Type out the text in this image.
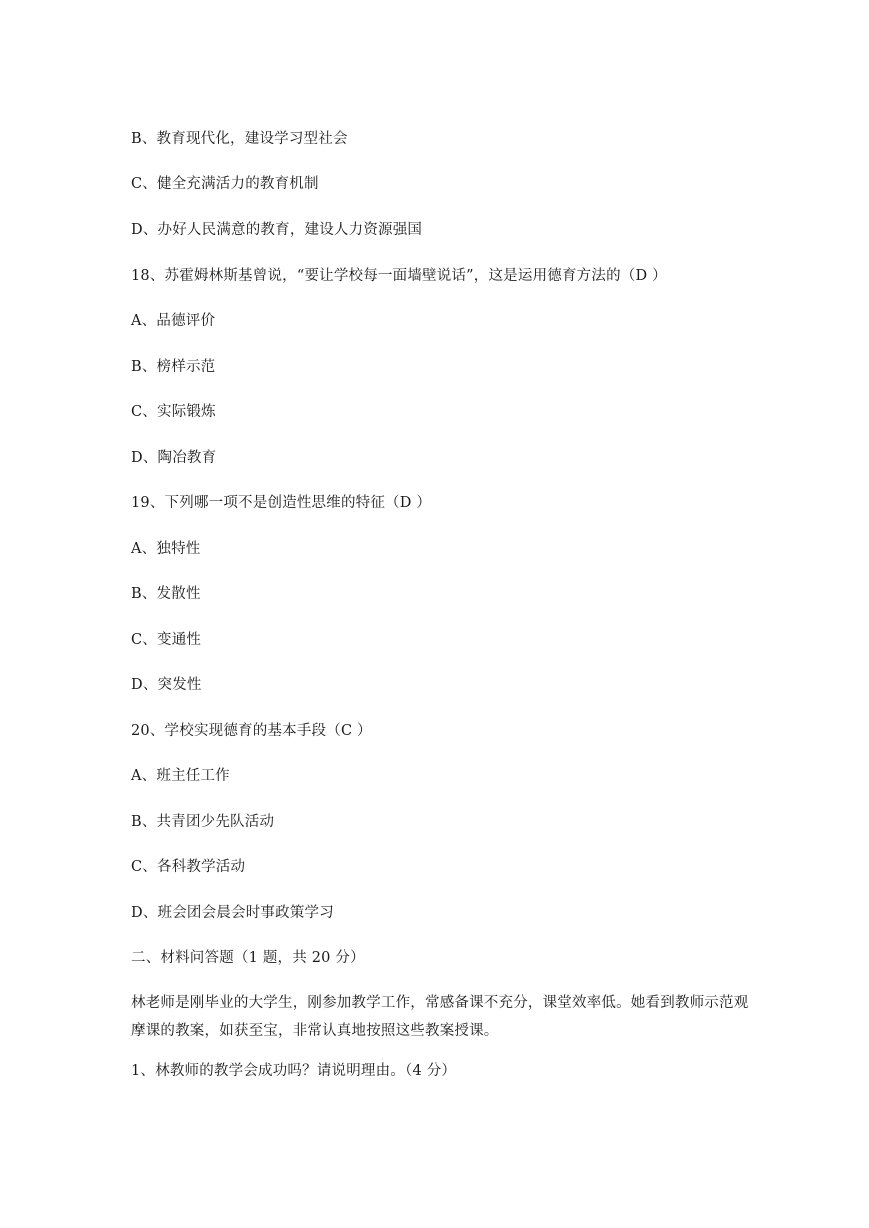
B、教育现代化，建设学习型社会
C、健全充满活力的教育机制
D、办好人民满意的教育，建设人力资源强国
18、苏霍姆林斯基曾说，“要让学校每一面墙壁说话”，这是运用德育方法的（D ）
A、品德评价
B、榜样示范
C、实际锻炼
D、陶冶教育
19、下列哪一项不是创造性思维的特征（D ）
A、独特性
B、发散性
C、变通性
D、突发性
20、学校实现德育的基本手段（C ）
A、班主任工作
B、共青团少先队活动
C、各科教学活动
D、班会团会晨会时事政策学习
二、材料问答题（1 题，共 20 分）
林老师是刚毕业的大学生，刚参加教学工作，常感备课不充分，课堂效率低。她看到教师示范观摩课的教案，如获至宝，非常认真地按照这些教案授课。
1、林教师的教学会成功吗？请说明理由。（4 分）
